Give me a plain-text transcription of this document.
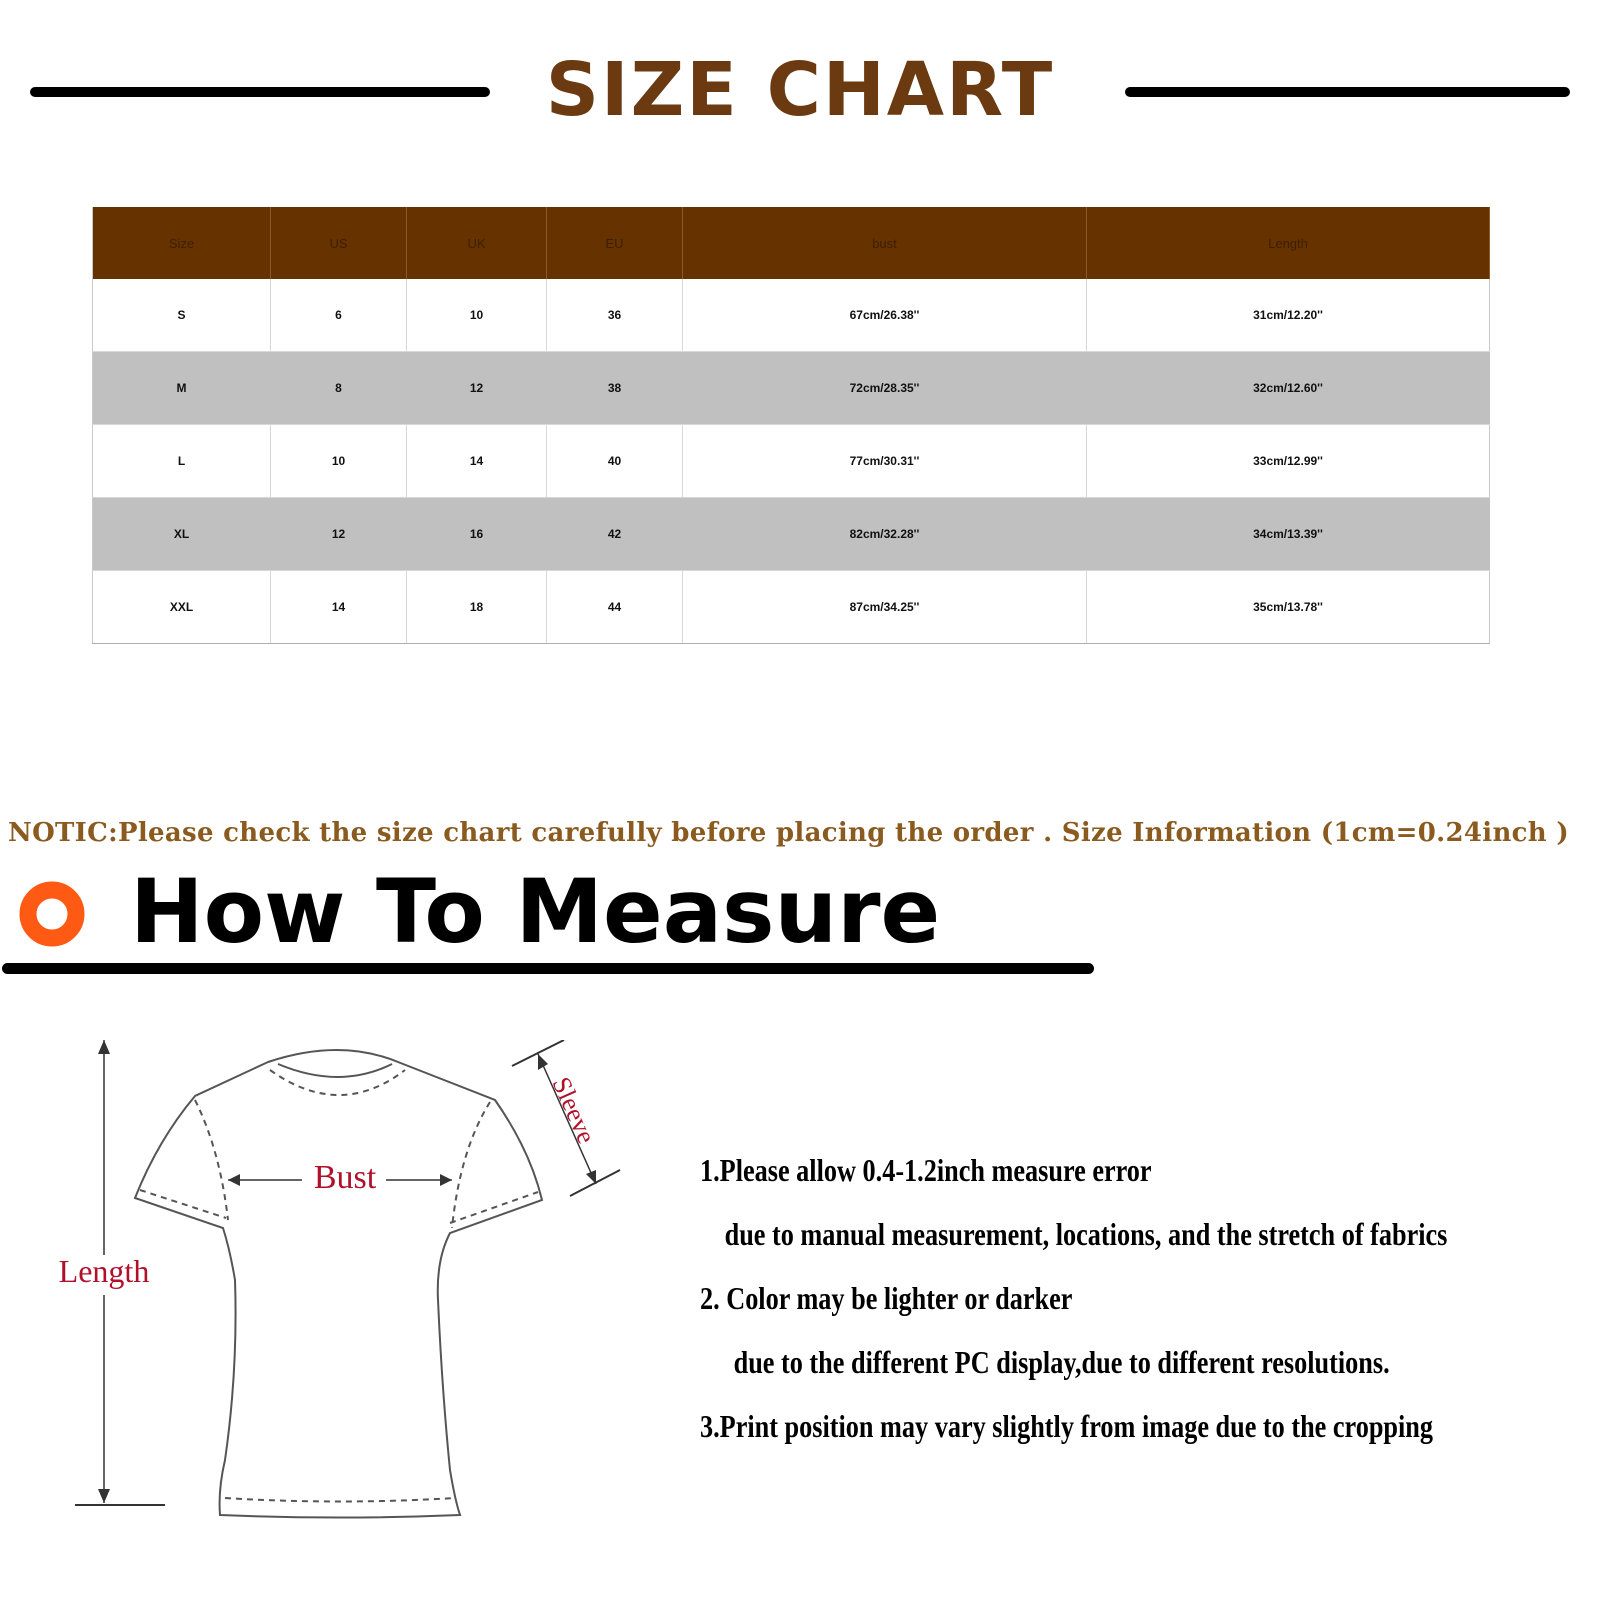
SIZE CHART
Size	US	UK	EU	bust	Length
S	6	10	36	67cm/26.38''	31cm/12.20''
M	8	12	38	72cm/28.35''	32cm/12.60''
L	10	14	40	77cm/30.31''	33cm/12.99''
XL	12	16	42	82cm/32.28''	34cm/13.39''
XXL	14	18	44	87cm/34.25''	35cm/13.78''
NOTIC:Please check the size chart carefully before placing the order . Size Information (1cm=0.24inch )
How To Measure
Length
Bust
Sleeve
1.Please allow 0.4-1.2inch measure error
due to manual measurement, locations, and the stretch of fabrics
2. Color may be lighter or darker
due to the different PC display,due to different resolutions.
3.Print position may vary slightly from image due to the cropping
